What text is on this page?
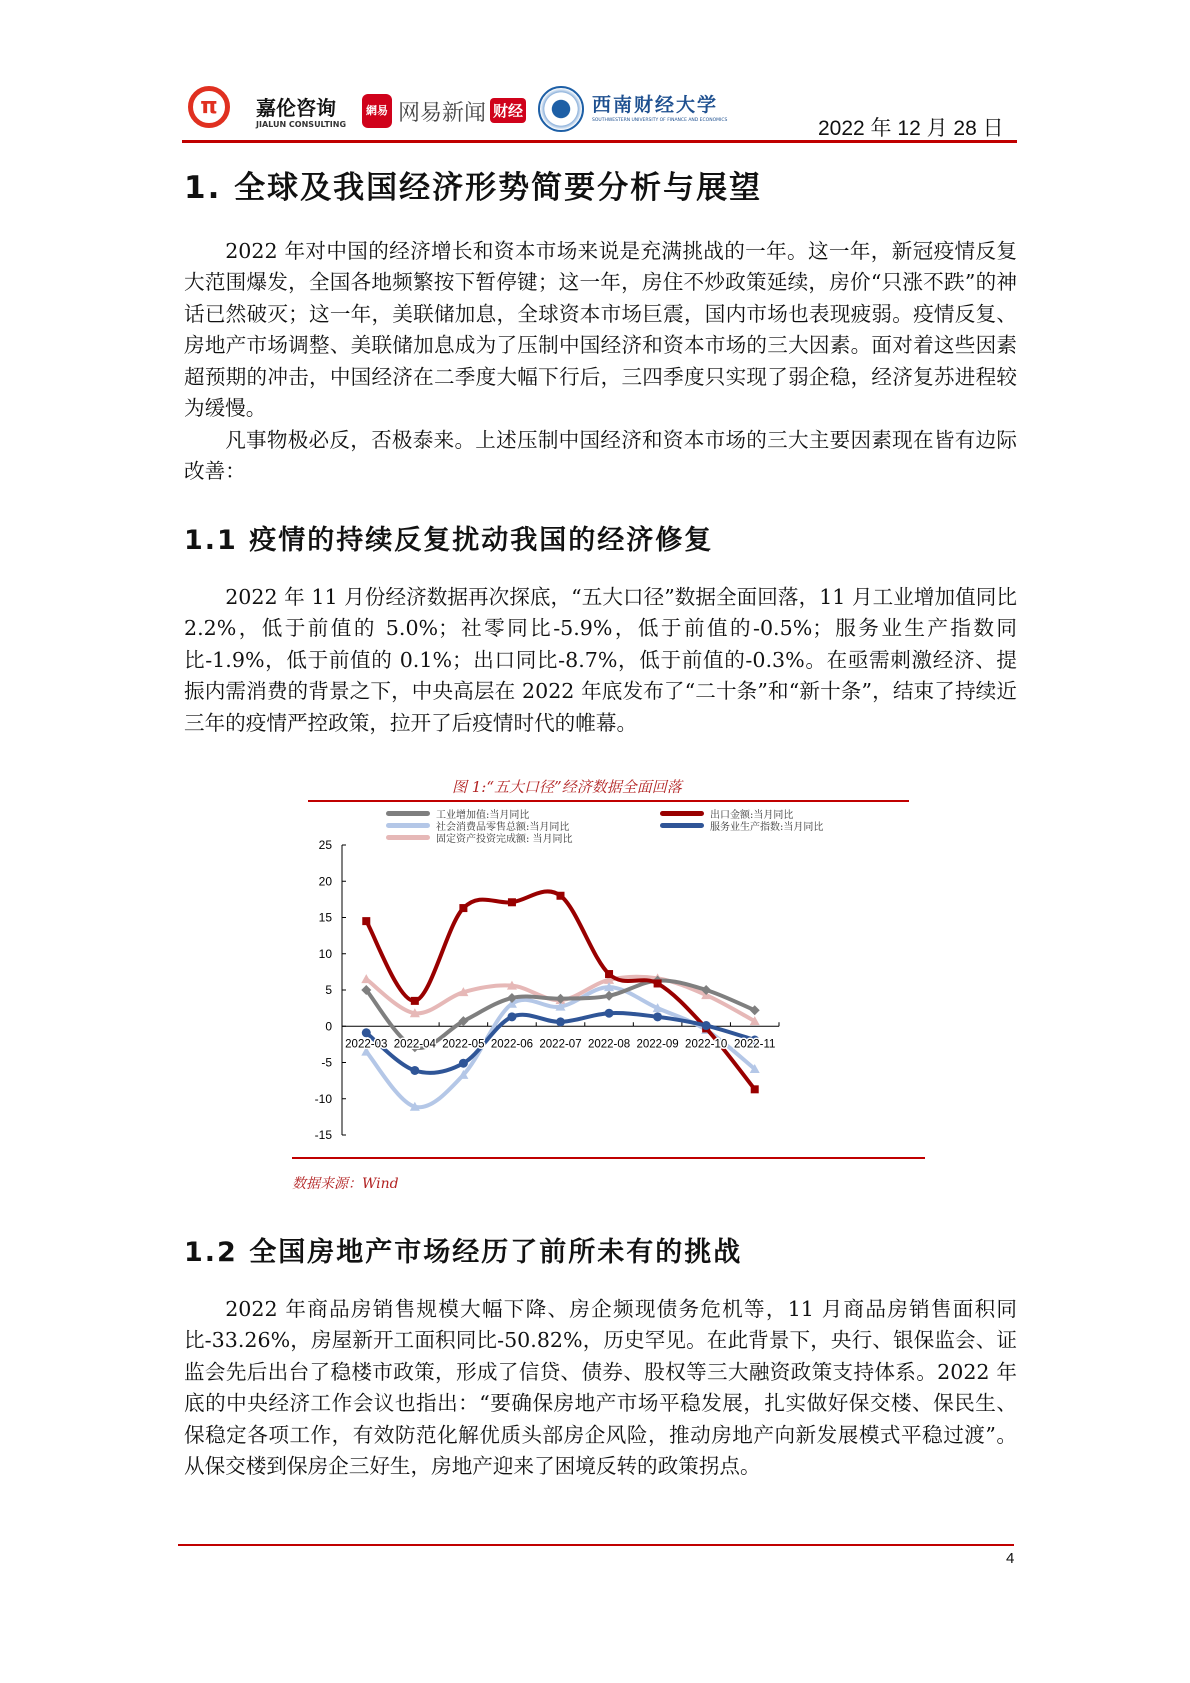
π	嘉伦咨询
JIALUN CONSULTING
網易 网易新闻 财经	西南财经大学
SOUTHWESTERN UNIVERSITY OF FINANCE AND ECONOMICS	2022 年 12 月 28 日
1. 全球及我国经济形势简要分析与展望
2022 年对中国的经济增长和资本市场来说是充满挑战的一年。这一年，新冠疫情反复大范围爆发，全国各地频繁按下暂停键；这一年，房住不炒政策延续，房价“只涨不跌”的神话已然破灭；这一年，美联储加息，全球资本市场巨震，国内市场也表现疲弱。疫情反复、房地产市场调整、美联储加息成为了压制中国经济和资本市场的三大因素。面对着这些因素超预期的冲击，中国经济在二季度大幅下行后，三四季度只实现了弱企稳，经济复苏进程较为缓慢。
凡事物极必反，否极泰来。上述压制中国经济和资本市场的三大主要因素现在皆有边际改善：
1.1 疫情的持续反复扰动我国的经济修复
2022 年 11 月份经济数据再次探底，“五大口径”数据全面回落，11 月工业增加值同比 2.2%，低于前值的 5.0%；社零同比-5.9%，低于前值的-0.5%；服务业生产指数同比-1.9%，低于前值的 0.1%；出口同比-8.7%，低于前值的-0.3%。在亟需刺激经济、提振内需消费的背景之下，中央高层在 2022 年底发布了“二十条”和“新十条”，结束了持续近三年的疫情严控政策，拉开了后疫情时代的帷幕。
图 1:“五大口径”经济数据全面回落
工业增加值:当月同比
社会消费品零售总额:当月同比
固定资产投资完成额: 当月同比
出口金额:当月同比
服务业生产指数:当月同比
25
20
15
10
5
0
-5
-10
-15
2022-03 2022-04 2022-05 2022-06 2022-07 2022-08 2022-09 2022-10 2022-11
数据来源：Wind
1.2 全国房地产市场经历了前所未有的挑战
2022 年商品房销售规模大幅下降、房企频现债务危机等，11 月商品房销售面积同比-33.26%，房屋新开工面积同比-50.82%，历史罕见。在此背景下，央行、银保监会、证监会先后出台了稳楼市政策，形成了信贷、债券、股权等三大融资政策支持体系。2022 年底的中央经济工作会议也指出：“要确保房地产市场平稳发展，扎实做好保交楼、保民生、保稳定各项工作，有效防范化解优质头部房企风险，推动房地产向新发展模式平稳过渡”。从保交楼到保房企三好生，房地产迎来了困境反转的政策拐点。
4
